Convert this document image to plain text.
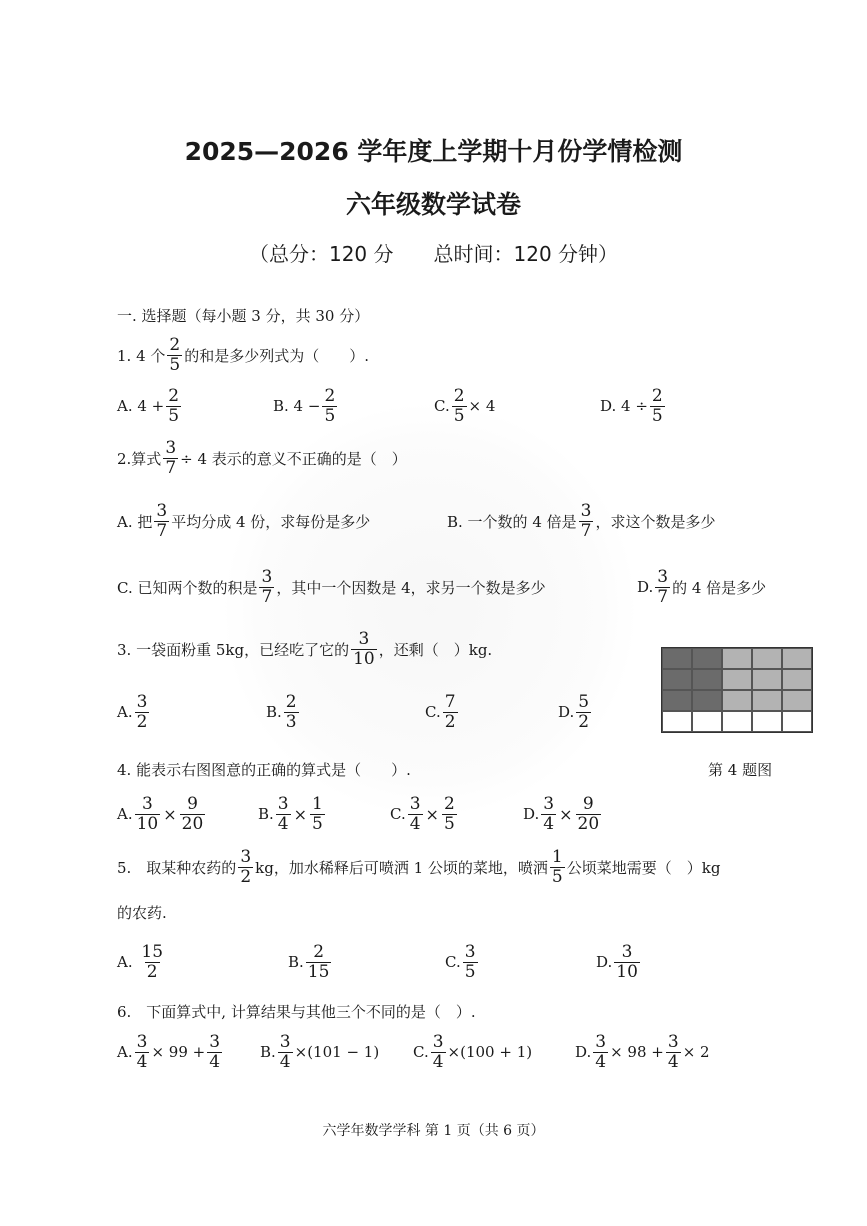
2025—2026 学年度上学期十月份学情检测
六年级数学试卷
（总分：120 分　　总时间：120 分钟）
一. 选择题（每小题 3 分，共 30 分）
1. 4 个 $\frac{2}{5}$ 的和是多少列式为（　　）.
A. $4 + \frac{2}{5}$	B. $4 - \frac{2}{5}$	C. $\frac{2}{5} \times 4$	D. $4 \div \frac{2}{5}$
2.算式 $\frac{3}{7} \div 4$ 表示的意义不正确的是（　）
A. 把 $\frac{3}{7}$ 平均分成 4 份，求每份是多少	B. 一个数的 4 倍是 $\frac{3}{7}$ ，求这个数是多少
C. 已知两个数的积是 $\frac{3}{7}$ ，其中一个因数是 4，求另一个数是多少	D. $\frac{3}{7}$ 的 4 倍是多少
3. 一袋面粉重 5kg，已经吃了它的 $\frac{3}{10}$ ，还剩（　）kg.
A. $\frac{3}{2}$	B. $\frac{2}{3}$	C. $\frac{7}{2}$	D. $\frac{5}{2}$
第 4 题图
4. 能表示右图图意的正确的算式是（　　）.
A. $\frac{3}{10} \times \frac{9}{20}$	B. $\frac{3}{4} \times \frac{1}{5}$	C. $\frac{3}{4} \times \frac{2}{5}$	D. $\frac{3}{4} \times \frac{9}{20}$
5.　取某种农药的 $\frac{3}{2}$ kg，加水稀释后可喷洒 1 公顷的菜地，喷洒 $\frac{1}{5}$ 公顷菜地需要（　）kg
的农药.
A.
$\frac{15}{2}$	B. $\frac{2}{15}$	C. $\frac{3}{5}$	D. $\frac{3}{10}$
6.　下面算式中, 计算结果与其他三个不同的是（　）.
A. $\frac{3}{4} \times 99 + \frac{3}{4}$	B. $\frac{3}{4} \times(101 - 1)$ C. $\frac{3}{4} \times(100 + 1)$	D. $\frac{3}{4} \times 98 + \frac{3}{4} \times 2$
六学年数学学科 第 1 页（共 6 页）
